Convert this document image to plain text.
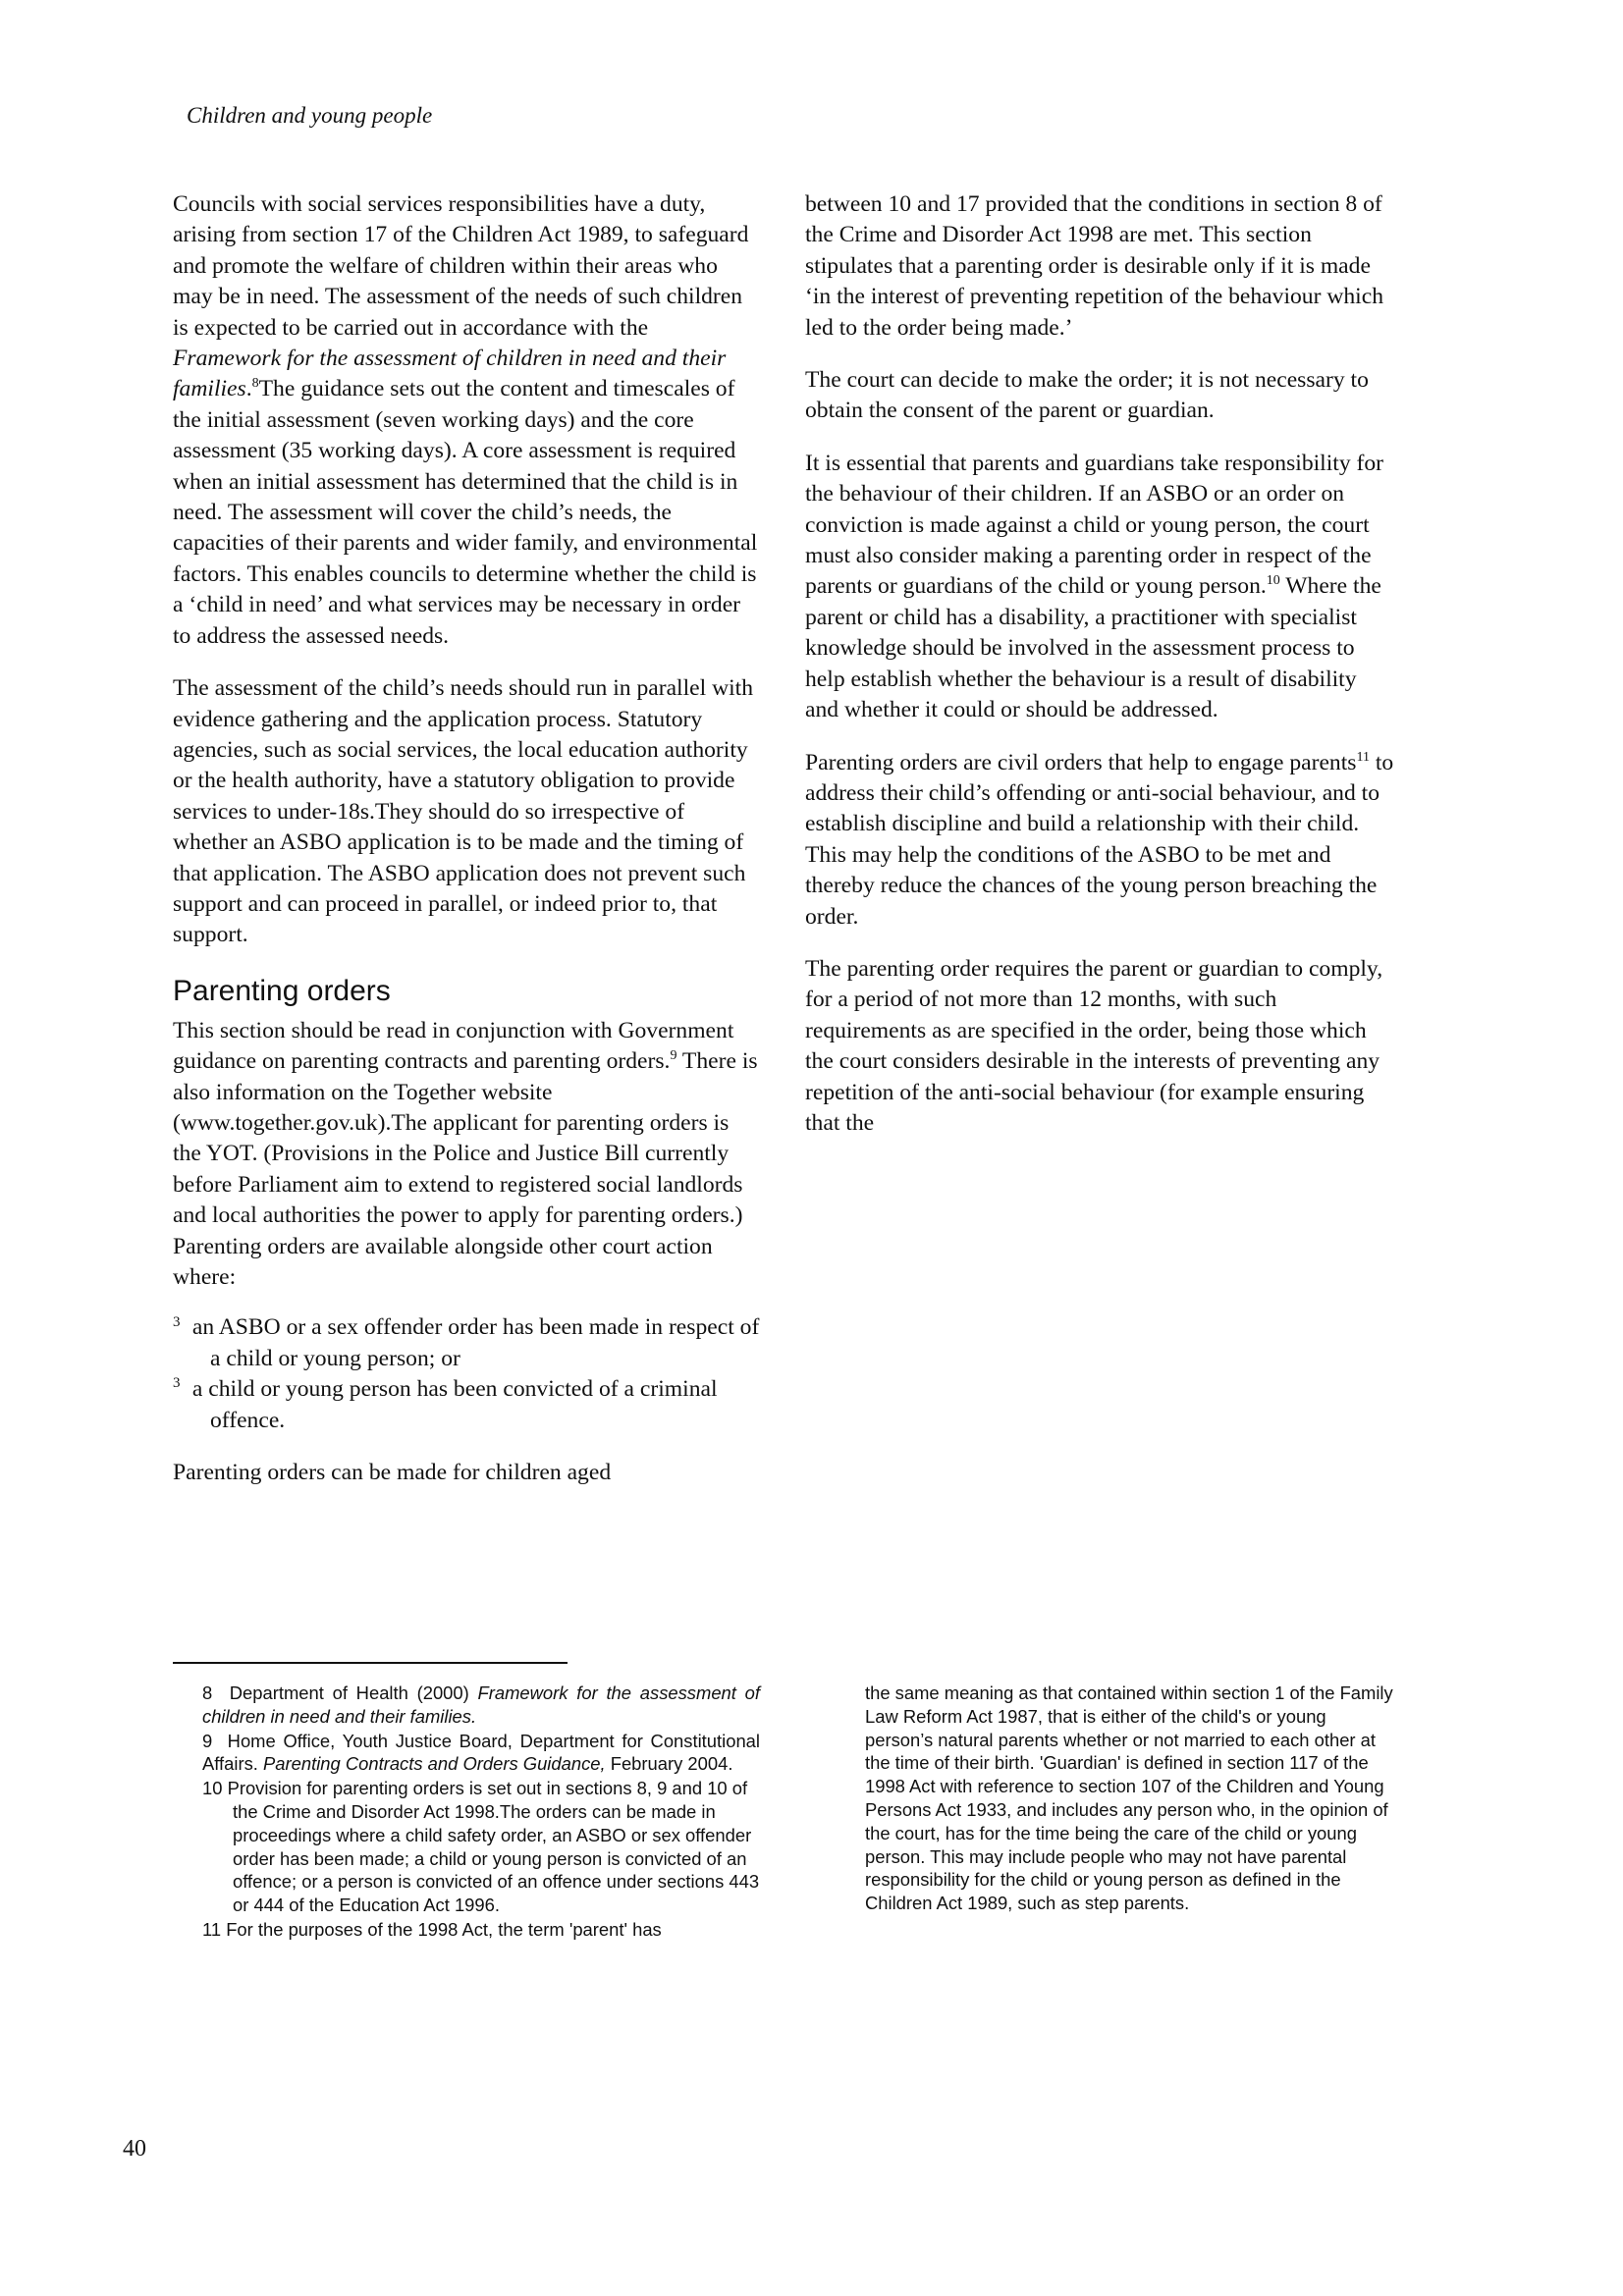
Children and young people

Councils with social services responsibilities have a duty, arising from section 17 of the Children Act 1989, to safeguard and promote the welfare of children within their areas who may be in need. The assessment of the needs of such children is expected to be carried out in accordance with the Framework for the assessment of children in need and their families.$^8$The guidance sets out the content and timescales of the initial assessment (seven working days) and the core assessment (35 working days). A core assessment is required when an initial assessment has determined that the child is in need. The assessment will cover the child’s needs, the capacities of their parents and wider family, and environmental factors. This enables councils to determine whether the child is a ‘child in need’ and what services may be necessary in order to address the assessed needs.

The assessment of the child’s needs should run in parallel with evidence gathering and the application process. Statutory agencies, such as social services, the local education authority or the health authority, have a statutory obligation to provide services to under-18s.They should do so irrespective of whether an ASBO application is to be made and the timing of that application. The ASBO application does not prevent such support and can proceed in parallel, or indeed prior to, that support.

Parenting orders

This section should be read in conjunction with Government guidance on parenting contracts and parenting orders.$^9$ There is also information on the Together website (www.together.gov.uk).The applicant for parenting orders is the YOT. (Provisions in the Police and Justice Bill currently before Parliament aim to extend to registered social landlords and local authorities the power to apply for parenting orders.) Parenting orders are available alongside other court action where:

3 an ASBO or a sex offender order has been made in respect of a child or young person; or
3 a child or young person has been convicted of a criminal offence.

Parenting orders can be made for children aged

between 10 and 17 provided that the conditions in section 8 of the Crime and Disorder Act 1998 are met. This section stipulates that a parenting order is desirable only if it is made ‘in the interest of preventing repetition of the behaviour which led to the order being made.’

The court can decide to make the order; it is not necessary to obtain the consent of the parent or guardian.

It is essential that parents and guardians take responsibility for the behaviour of their children. If an ASBO or an order on conviction is made against a child or young person, the court must also consider making a parenting order in respect of the parents or guardians of the child or young person.$^{10}$ Where the parent or child has a disability, a practitioner with specialist knowledge should be involved in the assessment process to help establish whether the behaviour is a result of disability and whether it could or should be addressed.

Parenting orders are civil orders that help to engage parents$^{11}$ to address their child’s offending or anti-social behaviour, and to establish discipline and build a relationship with their child. This may help the conditions of the ASBO to be met and thereby reduce the chances of the young person breaching the order.

The parenting order requires the parent or guardian to comply, for a period of not more than 12 months, with such requirements as are specified in the order, being those which the court considers desirable in the interests of preventing any repetition of the anti-social behaviour (for example ensuring that the

8 Department of Health (2000) Framework for the assessment of children in need and their families.
9 Home Office, Youth Justice Board, Department for Constitutional Affairs. Parenting Contracts and Orders Guidance, February 2004.
10 Provision for parenting orders is set out in sections 8, 9 and 10 of the Crime and Disorder Act 1998.The orders can be made in proceedings where a child safety order, an ASBO or sex offender order has been made; a child or young person is convicted of an offence; or a person is convicted of an offence under sections 443 or 444 of the Education Act 1996.
11 For the purposes of the 1998 Act, the term 'parent' has
the same meaning as that contained within section 1 of the Family Law Reform Act 1987, that is either of the child's or young person’s natural parents whether or not married to each other at the time of their birth. 'Guardian' is defined in section 117 of the 1998 Act with reference to section 107 of the Children and Young Persons Act 1933, and includes any person who, in the opinion of the court, has for the time being the care of the child or young person. This may include people who may not have parental responsibility for the child or young person as defined in the Children Act 1989, such as step parents.
40
